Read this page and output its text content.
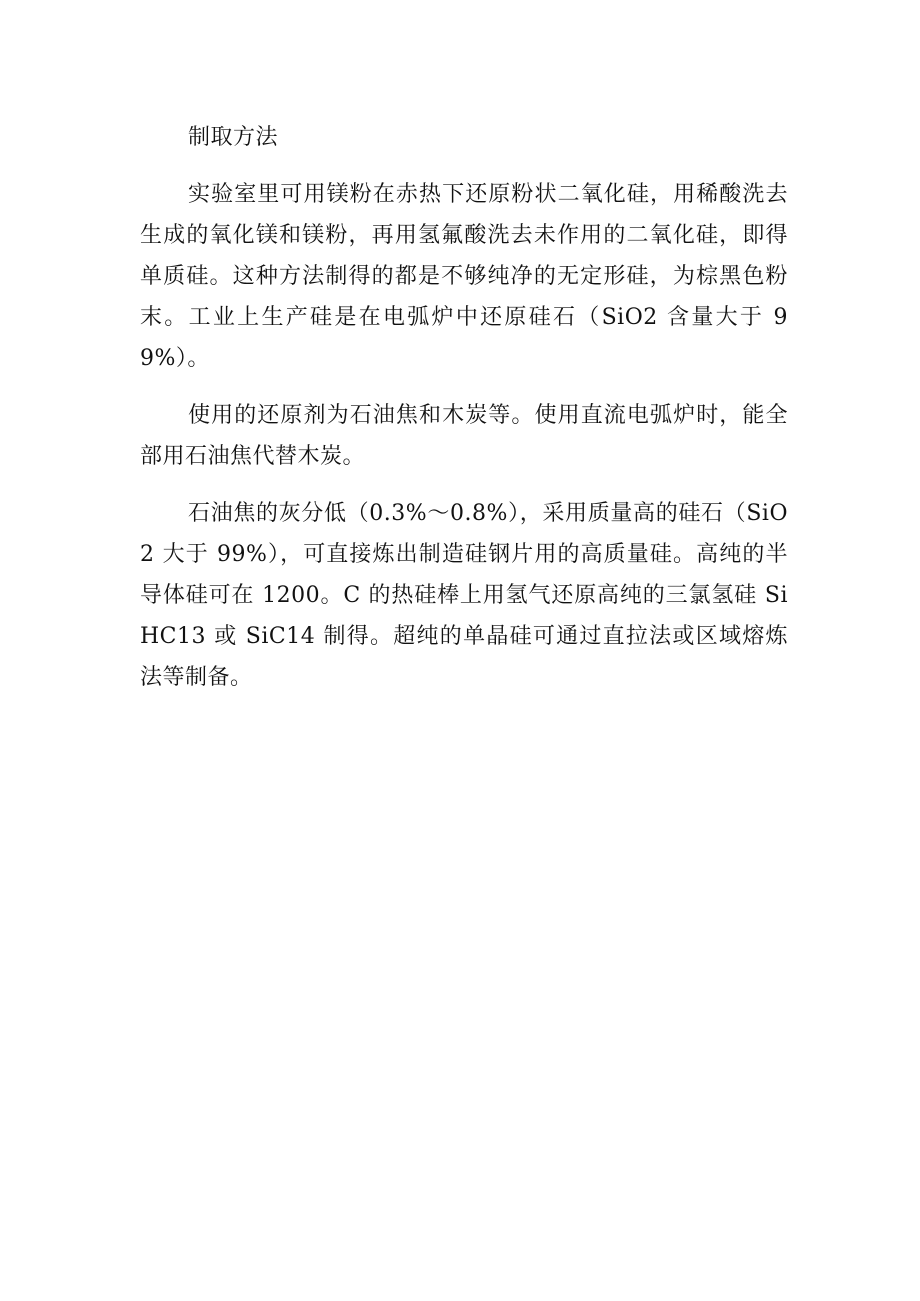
制取方法

实验室里可用镁粉在赤热下还原粉状二氧化硅，用稀酸洗去生成的氧化镁和镁粉，再用氢氟酸洗去未作用的二氧化硅，即得单质硅。这种方法制得的都是不够纯净的无定形硅，为棕黑色粉末。工业上生产硅是在电弧炉中还原硅石（SiO2 含量大于 99%）。

使用的还原剂为石油焦和木炭等。使用直流电弧炉时，能全部用石油焦代替木炭。

石油焦的灰分低（0.3%～0.8%），采用质量高的硅石（SiO2 大于 99%），可直接炼出制造硅钢片用的高质量硅。高纯的半导体硅可在 1200。C 的热硅棒上用氢气还原高纯的三氯氢硅 SiHC13 或 SiC14 制得。超纯的单晶硅可通过直拉法或区域熔炼法等制备。
